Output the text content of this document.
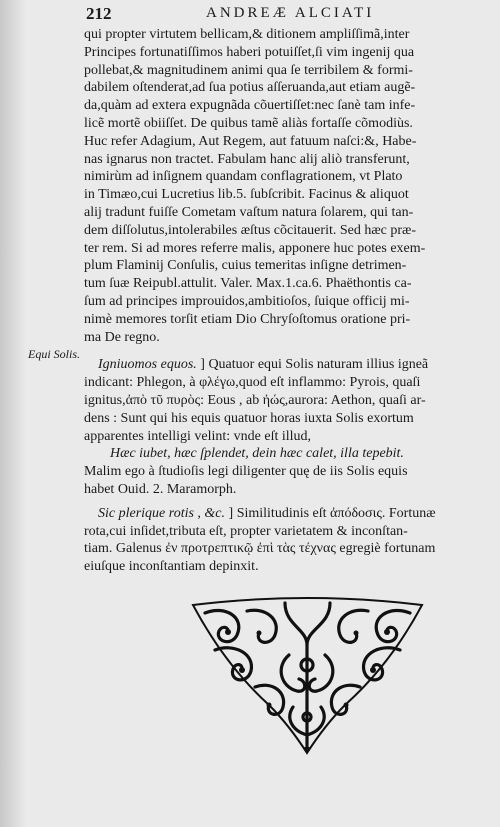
212	ANDREÆ ALCIATI
Equi Solis.
qui propter virtutem bellicam,& ditionem ampliſſimã,inter
Principes fortunatiſſimos haberi potuiſſet,ſi vim ingenij qua
pollebat,& magnitudinem animi qua ſe terribilem & formi-
dabilem oſtenderat,ad ſua potius aſſeruanda,aut etiam augẽ-
da,quàm ad extera expugnãda cõuertiſſet:nec ſanè tam infe-
licẽ mortẽ obiiſſet. De quibus tamẽ aliàs fortaſſe cõmodiùs.
Huc refer Adagium, Aut Regem, aut fatuum naſci:&, Habe-
nas ignarus non tractet. Fabulam hanc alij aliò transferunt,
nimirùm ad inſignem quandam conflagrationem, vt Plato
in Timæo,cui Lucretius lib.5. ſubſcribit. Facinus & aliquot
alij tradunt fuiſſe Cometam vaſtum natura ſolarem, qui tan-
dem diſſolutus,intolerabiles æſtus cõcitauerit. Sed hæc præ-
ter rem. Si ad mores referre malis, apponere huc potes exem-
plum Flaminij Conſulis, cuius temeritas inſigne detrimen-
tum ſuæ Reipubl.attulit. Valer. Max.1.ca.6. Phaëthontis ca-
ſum ad principes improuidos,ambitioſos, ſuique officij mi-
nimè memores torſit etiam Dio Chryſoſtomus oratione pri-
ma De regno.
Igniuomos equos. ] Quatuor equi Solis naturam illius igneã
indicant: Phlegon, à φλέγω,quod eſt inflammo: Pyrois, quaſi
ignitus,ἀπὸ τῦ πυρὸς: Eous , ab ἠώς,aurora: Aethon, quaſi ar-
dens : Sunt qui his equis quatuor horas iuxta Solis exortum
apparentes intelligi velint: vnde eſt illud,
Hæc iubet, hæc ſplendet, dein hæc calet, illa tepebit.
Malim ego à ſtudioſis legi diligenter quę de iis Solis equis
habet Ouid. 2. Maramorph.
Sic plerique rotis , &c. ] Similitudinis eſt ἀπόδοσις. Fortunæ
rota,cui inſidet,tributa eſt, propter varietatem & inconſtan-
tiam. Galenus ἐν προτρεπτικῷ ἐπὶ τὰς τέχνας egregiè fortunam
eiuſque inconſtantiam depinxit.
